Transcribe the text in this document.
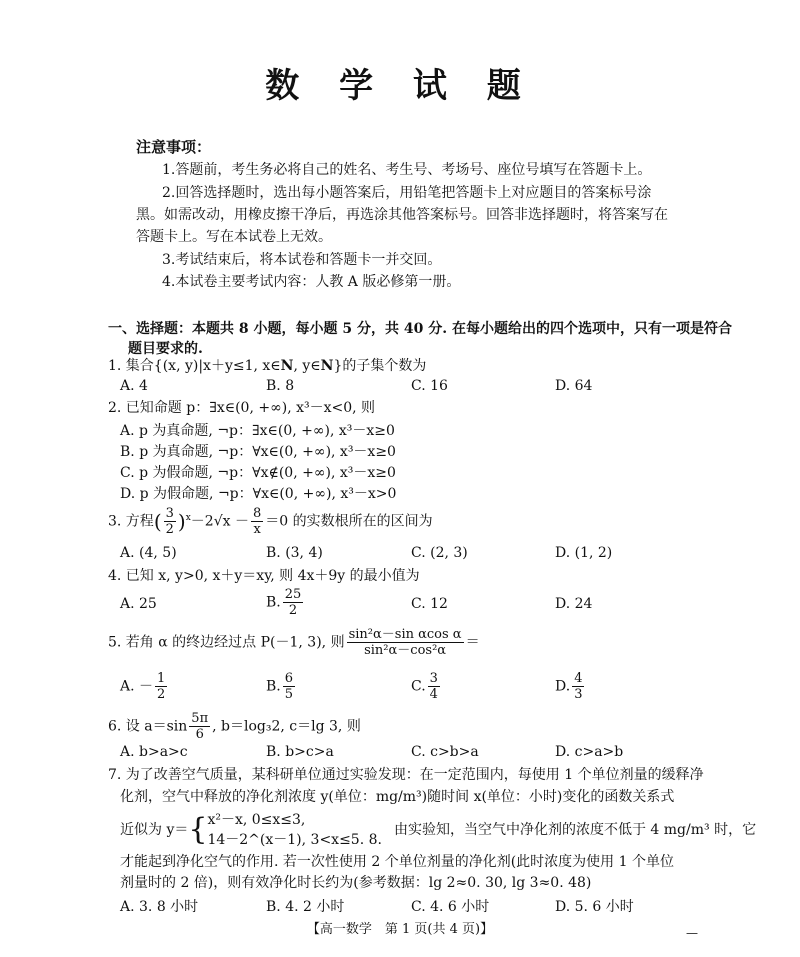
数 学 试 题
注意事项：
1.答题前，考生务必将自己的姓名、考生号、考场号、座位号填写在答题卡上。
2.回答选择题时，选出每小题答案后，用铅笔把答题卡上对应题目的答案标号涂
黑。如需改动，用橡皮擦干净后，再选涂其他答案标号。回答非选择题时，将答案写在
答题卡上。写在本试卷上无效。
3.考试结束后，将本试卷和答题卡一并交回。
4.本试卷主要考试内容：人教 A 版必修第一册。
一、选择题：本题共 8 小题，每小题 5 分，共 40 分. 在每小题给出的四个选项中，只有一项是符合
题目要求的.
1. 集合{(x, y)|x＋y≤1, x∈N, y∈N}的子集个数为
A. 4	B. 8	C. 16	D. 64
2. 已知命题 p：∃x∈(0, +∞), x³－x<0, 则
A. p 为真命题, ¬p：∃x∈(0, +∞), x³－x≥0
B. p 为真命题, ¬p：∀x∈(0, +∞), x³－x≥0
C. p 为假命题, ¬p：∀x∉(0, +∞), x³－x≥0
D. p 为假命题, ¬p：∀x∈(0, +∞), x³－x>0
3. 方程( $\frac{3}{2} )^x-2√x - \frac{8}{x} =0$ 的实数根所在的区间为
A. (4, 5)	B. (3, 4)	C. (2, 3)	D. (1, 2)
4. 已知 x, y>0, x＋y＝xy, 则 4x＋9y 的最小值为
A. 25	B. $\frac{25}{2}$	C. 12	D. 24
5. 若角 α 的终边经过点 P(－1, 3), 则 $\frac{\text{sin²α－sin αcos α}}{\text{sin²α－cos²α}}$ ＝
A. － $\frac{1}{2}$	B. $\frac{6}{5}$	C. $\frac{3}{4}$	D. $\frac{4}{3}$
6. 设 $a=\sin \frac{5\pi}{6}$ , b＝log₃2, c＝lg 3, 则
A. b>a>c	B. b>c>a	C. c>b>a	D. c>a>b
7. 为了改善空气质量，某科研单位通过实验发现：在一定范围内，每使用 1 个单位剂量的缓释净
化剂，空气中释放的净化剂浓度 y(单位：mg/m³)随时间 x(单位：小时)变化的函数关系式
近似为 y＝{ x²－x, 0≤x≤3,
14－2^(x－1), 3<x≤5. 8.
由实验知，当空气中净化剂的浓度不低于 4 mg/m³ 时，它
才能起到净化空气的作用. 若一次性使用 2 个单位剂量的净化剂(此时浓度为使用 1 个单位
剂量时的 2 倍)，则有效净化时长约为(参考数据：lg 2≈0. 30, lg 3≈0. 48)
A. 3. 8 小时	B. 4. 2 小时	C. 4. 6 小时	D. 5. 6 小时
【高一数学　第 1 页(共 4 页)】	—
